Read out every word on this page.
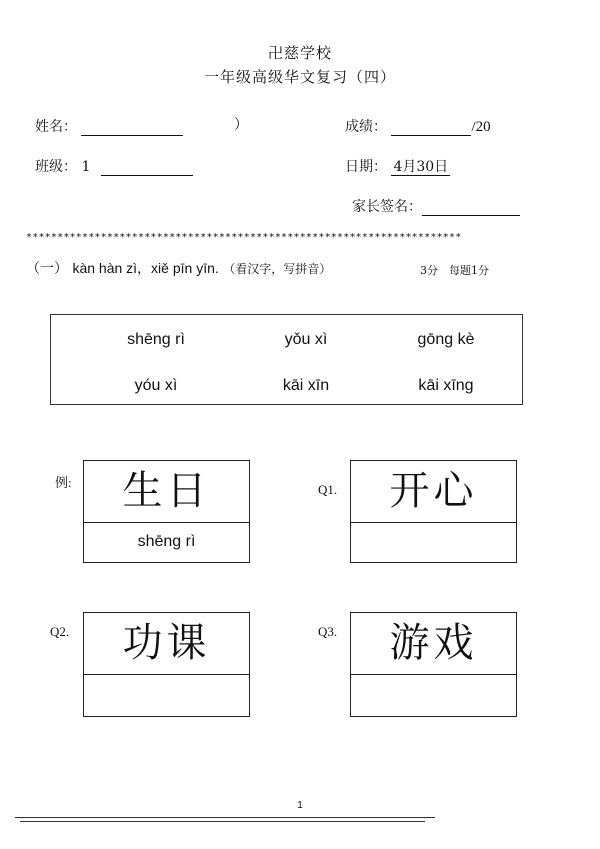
卍慈学校
一年级高级华文复习（四）
姓名：	）	成绩：	/20
班级： 1	日期： 4月30日
家长签名：
**********************************************************************
（一） kàn hàn zì，xiě pīn yīn. （看汉字，写拼音）	3分　每题1分
shēng rì	yǒu xì	gōng kè
yóu xì	kāi xīn	kāi xīng
例:	生日
shēng rì
Q1.	开心
Q2.	功课	Q3.	游戏
1
